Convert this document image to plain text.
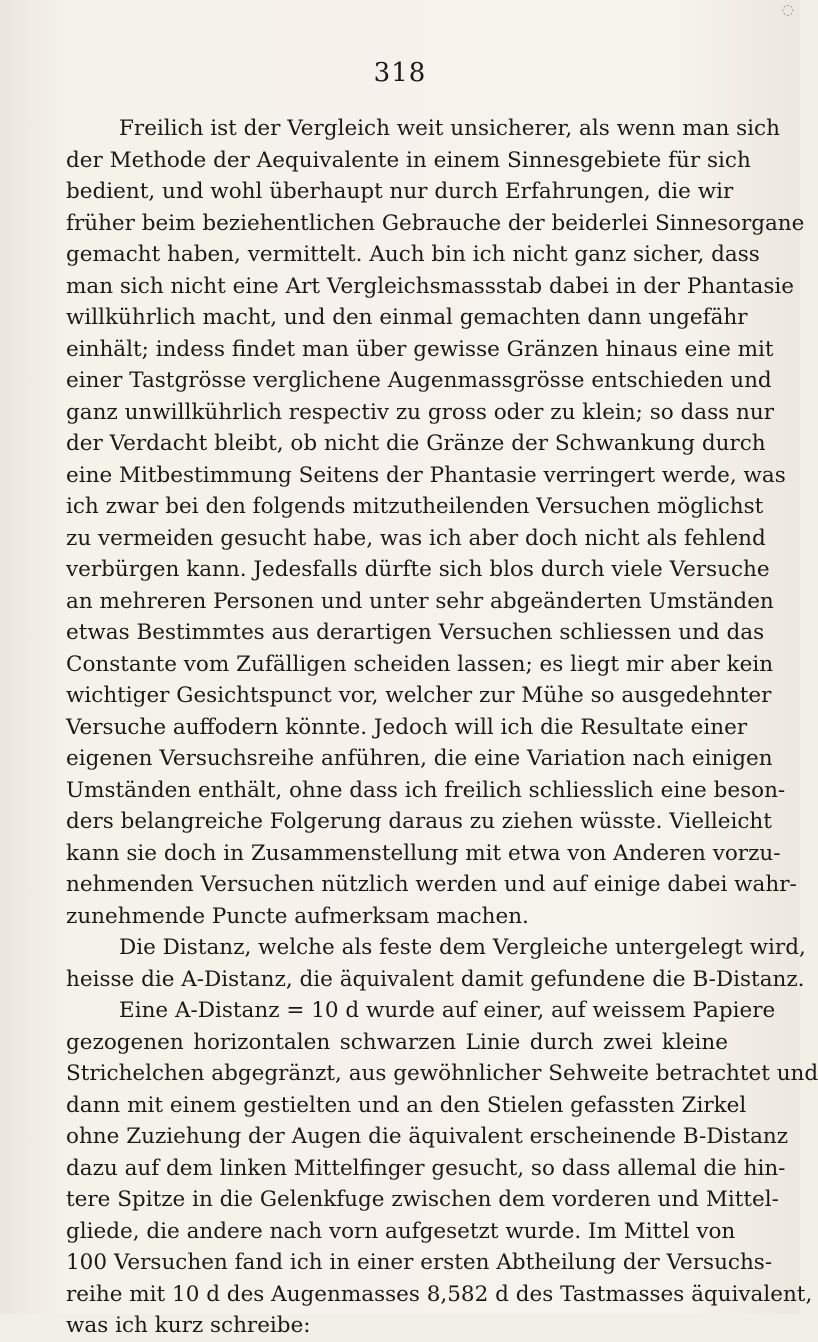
◌
318
Freilich ist der Vergleich weit unsicherer, als wenn man sich
der Methode der Aequivalente in einem Sinnesgebiete für sich
bedient, und wohl überhaupt nur durch Erfahrungen, die wir
früher beim beziehentlichen Gebrauche der beiderlei Sinnesorgane
gemacht haben, vermittelt. Auch bin ich nicht ganz sicher, dass
man sich nicht eine Art Vergleichsmassstab dabei in der Phantasie
willkührlich macht, und den einmal gemachten dann ungefähr
einhält; indess findet man über gewisse Gränzen hinaus eine mit
einer Tastgrösse verglichene Augenmassgrösse entschieden und
ganz unwillkührlich respectiv zu gross oder zu klein; so dass nur
der Verdacht bleibt, ob nicht die Gränze der Schwankung durch
eine Mitbestimmung Seitens der Phantasie verringert werde, was
ich zwar bei den folgends mitzutheilenden Versuchen möglichst
zu vermeiden gesucht habe, was ich aber doch nicht als fehlend
verbürgen kann. Jedesfalls dürfte sich blos durch viele Versuche
an mehreren Personen und unter sehr abgeänderten Umständen
etwas Bestimmtes aus derartigen Versuchen schliessen und das
Constante vom Zufälligen scheiden lassen; es liegt mir aber kein
wichtiger Gesichtspunct vor, welcher zur Mühe so ausgedehnter
Versuche auffodern könnte. Jedoch will ich die Resultate einer
eigenen Versuchsreihe anführen, die eine Variation nach einigen
Umständen enthält, ohne dass ich freilich schliesslich eine beson-
ders belangreiche Folgerung daraus zu ziehen wüsste. Vielleicht
kann sie doch in Zusammenstellung mit etwa von Anderen vorzu-
nehmenden Versuchen nützlich werden und auf einige dabei wahr-
zunehmende Puncte aufmerksam machen.
Die Distanz, welche als feste dem Vergleiche untergelegt wird,
heisse die A-Distanz, die äquivalent damit gefundene die B-Distanz.
Eine A-Distanz = 10 d wurde auf einer, auf weissem Papiere
gezogenen horizontalen schwarzen Linie durch zwei kleine
Strichelchen abgegränzt, aus gewöhnlicher Sehweite betrachtet und
dann mit einem gestielten und an den Stielen gefassten Zirkel
ohne Zuziehung der Augen die äquivalent erscheinende B-Distanz
dazu auf dem linken Mittelfinger gesucht, so dass allemal die hin-
tere Spitze in die Gelenkfuge zwischen dem vorderen und Mittel-
gliede, die andere nach vorn aufgesetzt wurde. Im Mittel von
100 Versuchen fand ich in einer ersten Abtheilung der Versuchs-
reihe mit 10 d des Augenmasses 8,582 d des Tastmasses äquivalent,
was ich kurz schreibe:
